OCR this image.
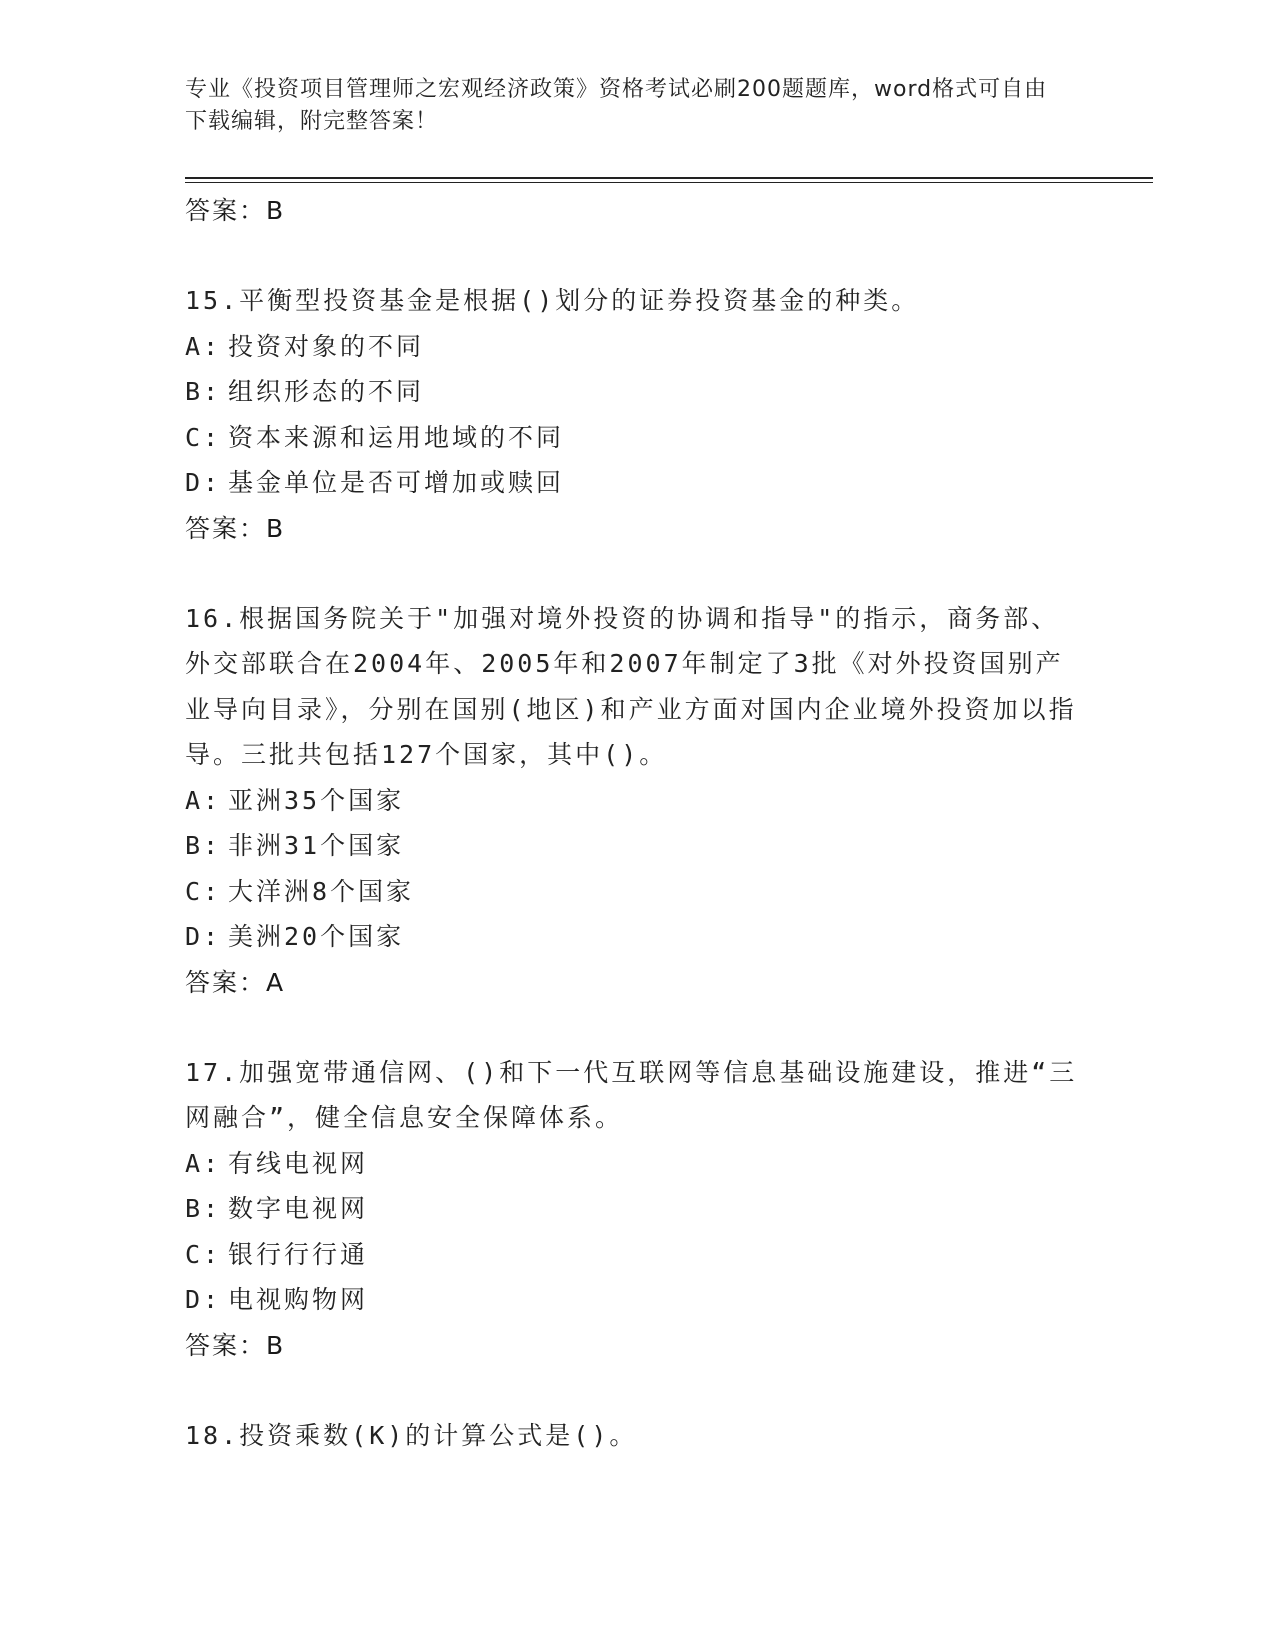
专业《投资项目管理师之宏观经济政策》资格考试必刷200题题库，word格式可自由下载编辑，附完整答案！
答案：B
15.平衡型投资基金是根据()划分的证券投资基金的种类。
A: 投资对象的不同
B: 组织形态的不同
C: 资本来源和运用地域的不同
D: 基金单位是否可增加或赎回
答案：B
16.根据国务院关于"加强对境外投资的协调和指导"的指示，商务部、外交部联合在2004年、2005年和2007年制定了3批《对外投资国别产业导向目录》，分别在国别(地区)和产业方面对国内企业境外投资加以指导。三批共包括127个国家，其中()。
A: 亚洲35个国家
B: 非洲31个国家
C: 大洋洲8个国家
D: 美洲20个国家
答案：A
17.加强宽带通信网、()和下一代互联网等信息基础设施建设，推进“三网融合”，健全信息安全保障体系。
A: 有线电视网
B: 数字电视网
C: 银行行行通
D: 电视购物网
答案：B
18.投资乘数(K)的计算公式是()。
